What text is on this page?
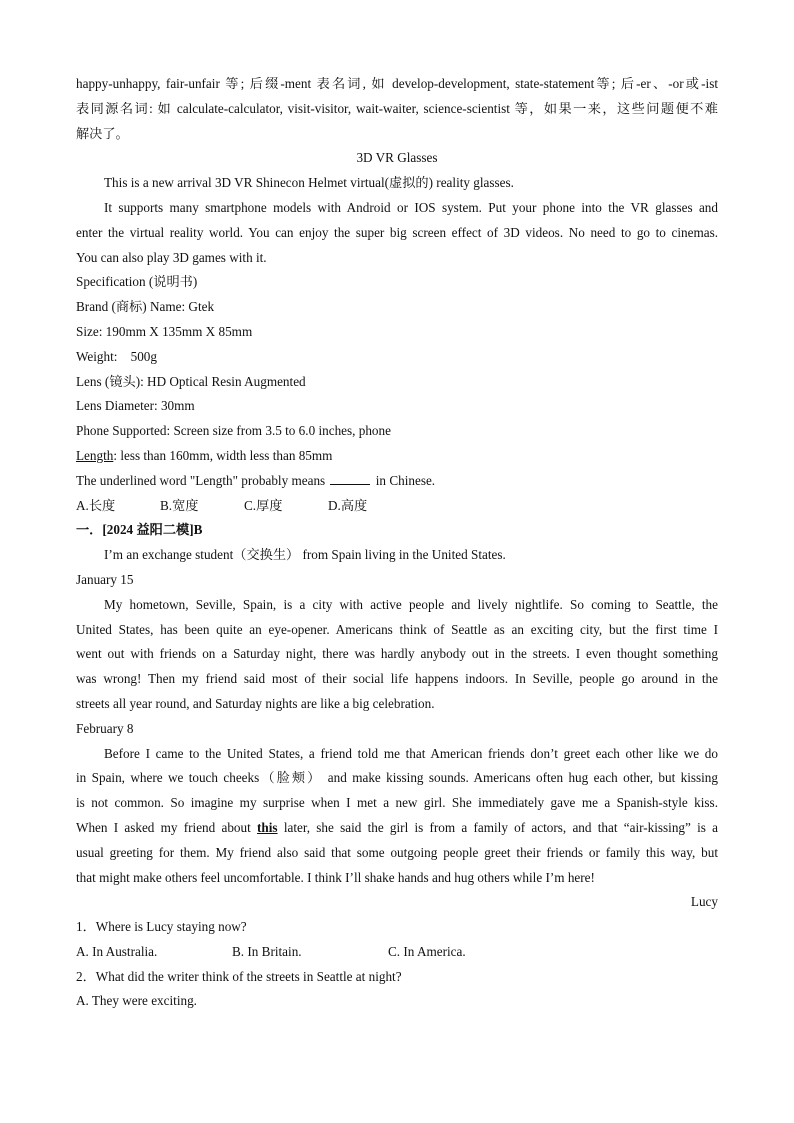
happy-unhappy, fair-unfair 等; 后缀-ment 表名词, 如 develop-development, state-statement等; 后-er、-or或-ist
表同源名词: 如 calculate-calculator, visit-visitor, wait-waiter, science-scientist 等，如果一来，这些问题便不难
解决了。
3D VR Glasses
This is a new arrival 3D VR Shinecon Helmet virtual(虚拟的) reality glasses.
It supports many smartphone models with Android or IOS system. Put your phone into the VR glasses and
enter the virtual reality world. You can enjoy the super big screen effect of 3D videos. No need to go to cinemas.
You can also play 3D games with it.
Specification (说明书)
Brand (商标) Name: Gtek
Size: 190mm X 135mm X 85mm
Weight:    500g
Lens (镜头): HD Optical Resin Augmented
Lens Diameter: 30mm
Phone Supported: Screen size from 3.5 to 6.0 inches, phone
Length: less than 160mm, width less than 85mm
The underlined word "Length" probably means	in Chinese.
A.长度	B.宽度	C.厚度	D.高度
一．[2024 益阳二模]B
I’m an exchange student（交换生） from Spain living in the United States.
January 15
My hometown, Seville, Spain, is a city with active people and lively nightlife. So coming to Seattle, the
United States, has been quite an eye-opener. Americans think of Seattle as an exciting city, but the first time I
went out with friends on a Saturday night, there was hardly anybody out in the streets. I even thought something
was wrong! Then my friend said most of their social life happens indoors. In Seville, people go around in the
streets all year round, and Saturday nights are like a big celebration.
February 8
Before I came to the United States, a friend told me that American friends don’t greet each other like we do
in Spain, where we touch cheeks（脸颊） and make kissing sounds. Americans often hug each other, but kissing
is not common. So imagine my surprise when I met a new girl. She immediately gave me a Spanish-style kiss.
When I asked my friend about this later, she said the girl is from a family of actors, and that “air-kissing” is a
usual greeting for them. My friend also said that some outgoing people greet their friends or family this way, but
that might make others feel uncomfortable. I think I’ll shake hands and hug others while I’m here!
Lucy
1．Where is Lucy staying now?
A. In Australia.	B. In Britain.	C. In America.
2．What did the writer think of the streets in Seattle at night?
A. They were exciting.
